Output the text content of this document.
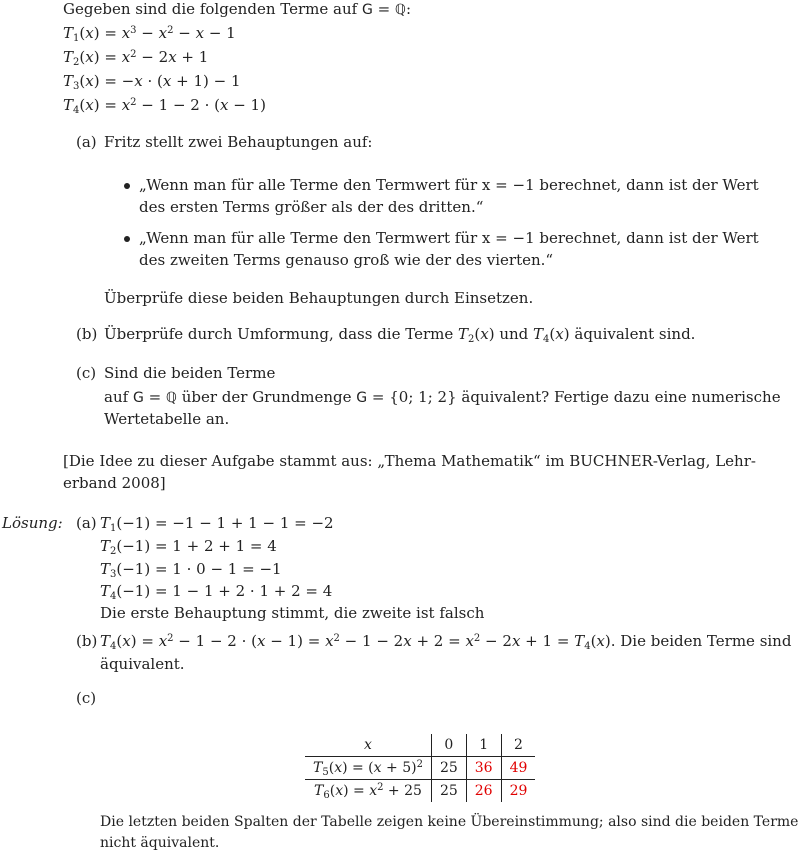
Gegeben sind die folgenden Terme auf G = ℚ:
$T_1(x) = x^3 - x^2 - x - 1$
$T_2(x) = x^2 - 2x + 1$
$T_3(x) = -x \cdot (x + 1) - 1$
$T_4(x) = x^2 - 1 - 2 \cdot (x - 1)$
(a) Fritz stellt zwei Behauptungen auf:
„Wenn man für alle Terme den Termwert für x = −1 berechnet, dann ist der Wert
des ersten Terms größer als der des dritten.“
„Wenn man für alle Terme den Termwert für x = −1 berechnet, dann ist der Wert
des zweiten Terms genauso groß wie der des vierten.“
Überprüfe diese beiden Behauptungen durch Einsetzen.
(b) Überprüfe durch Umformung, dass die Terme $T_2(x)$ und $T_4(x)$ äquivalent sind.
(c) Sind die beiden Terme
auf G = ℚ über der Grundmenge G = {0; 1; 2} äquivalent? Fertige dazu eine numerische
Wertetabelle an.
[Die Idee zu dieser Aufgabe stammt aus: „Thema Mathematik“ im BUCHNER-Verlag, Lehr-
erband 2008]
Lösung: (a) $T_1(-1) = -1 - 1 + 1 - 1 = -2$
$T_2(-1) = 1 + 2 + 1 = 4$
$T_3(-1) = 1 \cdot 0 - 1 = -1$
$T_4(-1) = 1 - 1 + 2 \cdot 1 + 2 = 4$
Die erste Behauptung stimmt, die zweite ist falsch
(b) $T_4(x) = x^2 - 1 - 2 \cdot (x - 1) = x^2 - 1 - 2x + 2 = x^2 - 2x + 1 = T_4(x)$. Die beiden Terme sind
äquivalent.
(c)
x	0	1	2
$T_5(x) = (x + 5)^2$	25	36	49
$T_6(x) = x^2 + 25$	25	26	29
Die letzten beiden Spalten der Tabelle zeigen keine Übereinstimmung; also sind die beiden Terme
nicht äquivalent.
